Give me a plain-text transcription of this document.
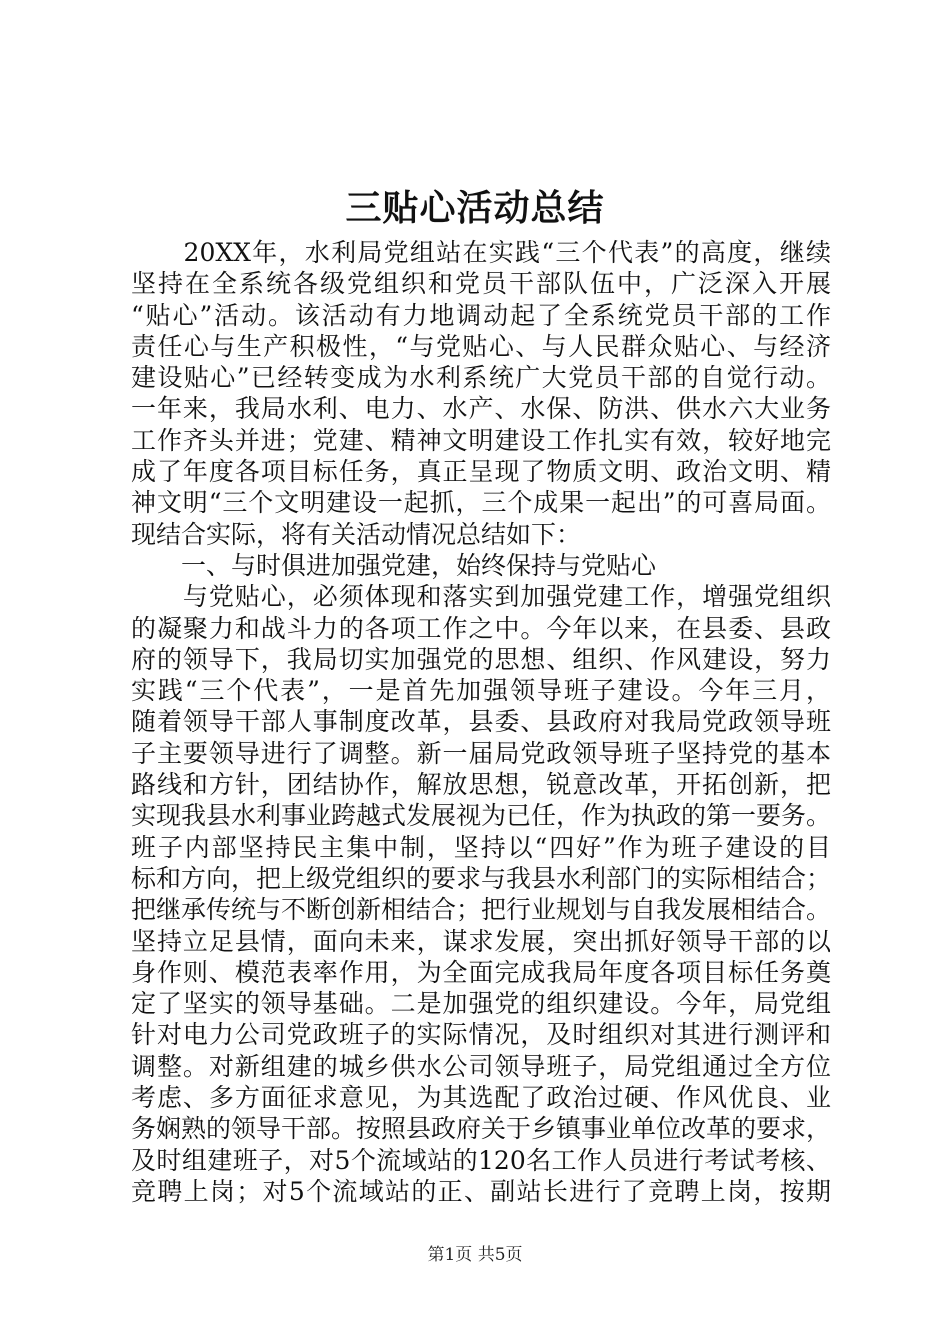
三贴心活动总结
　　20XX年，水利局党组站在实践“三个代表”的高度，继续
坚持在全系统各级党组织和党员干部队伍中，广泛深入开展
“贴心”活动。该活动有力地调动起了全系统党员干部的工作
责任心与生产积极性，“与党贴心、与人民群众贴心、与经济
建设贴心”已经转变成为水利系统广大党员干部的自觉行动。
一年来，我局水利、电力、水产、水保、防洪、供水六大业务
工作齐头并进；党建、精神文明建设工作扎实有效，较好地完
成了年度各项目标任务，真正呈现了物质文明、政治文明、精
神文明“三个文明建设一起抓，三个成果一起出”的可喜局面。
现结合实际，将有关活动情况总结如下：
　　一、与时俱进加强党建，始终保持与党贴心
　　与党贴心，必须体现和落实到加强党建工作，增强党组织
的凝聚力和战斗力的各项工作之中。今年以来，在县委、县政
府的领导下，我局切实加强党的思想、组织、作风建设，努力
实践“三个代表”，一是首先加强领导班子建设。今年三月，
随着领导干部人事制度改革，县委、县政府对我局党政领导班
子主要领导进行了调整。新一届局党政领导班子坚持党的基本
路线和方针，团结协作，解放思想，锐意改革，开拓创新，把
实现我县水利事业跨越式发展视为已任，作为执政的第一要务。
班子内部坚持民主集中制，坚持以“四好”作为班子建设的目
标和方向，把上级党组织的要求与我县水利部门的实际相结合；
把继承传统与不断创新相结合；把行业规划与自我发展相结合。
坚持立足县情，面向未来，谋求发展，突出抓好领导干部的以
身作则、模范表率作用，为全面完成我局年度各项目标任务奠
定了坚实的领导基础。二是加强党的组织建设。今年，局党组
针对电力公司党政班子的实际情况，及时组织对其进行测评和
调整。对新组建的城乡供水公司领导班子，局党组通过全方位
考虑、多方面征求意见，为其选配了政治过硬、作风优良、业
务娴熟的领导干部。按照县政府关于乡镇事业单位改革的要求，
及时组建班子，对5个流域站的120名工作人员进行考试考核、
竞聘上岗；对5个流域站的正、副站长进行了竞聘上岗，按期
第1页 共5页
